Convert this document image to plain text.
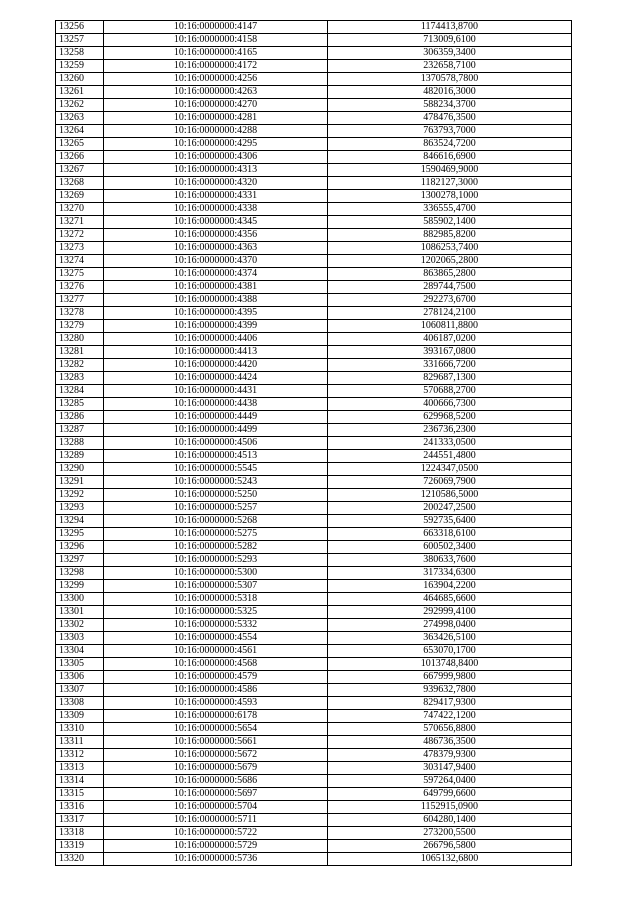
13256	10:16:0000000:4147	1174413,8700
13257	10:16:0000000:4158	713009,6100
13258	10:16:0000000:4165	306359,3400
13259	10:16:0000000:4172	232658,7100
13260	10:16:0000000:4256	1370578,7800
13261	10:16:0000000:4263	482016,3000
13262	10:16:0000000:4270	588234,3700
13263	10:16:0000000:4281	478476,3500
13264	10:16:0000000:4288	763793,7000
13265	10:16:0000000:4295	863524,7200
13266	10:16:0000000:4306	846616,6900
13267	10:16:0000000:4313	1590469,9000
13268	10:16:0000000:4320	1182127,3000
13269	10:16:0000000:4331	1300278,1000
13270	10:16:0000000:4338	336555,4700
13271	10:16:0000000:4345	585902,1400
13272	10:16:0000000:4356	882985,8200
13273	10:16:0000000:4363	1086253,7400
13274	10:16:0000000:4370	1202065,2800
13275	10:16:0000000:4374	863865,2800
13276	10:16:0000000:4381	289744,7500
13277	10:16:0000000:4388	292273,6700
13278	10:16:0000000:4395	278124,2100
13279	10:16:0000000:4399	1060811,8800
13280	10:16:0000000:4406	406187,0200
13281	10:16:0000000:4413	393167,0800
13282	10:16:0000000:4420	331666,7200
13283	10:16:0000000:4424	829687,1300
13284	10:16:0000000:4431	570688,2700
13285	10:16:0000000:4438	400666,7300
13286	10:16:0000000:4449	629968,5200
13287	10:16:0000000:4499	236736,2300
13288	10:16:0000000:4506	241333,0500
13289	10:16:0000000:4513	244551,4800
13290	10:16:0000000:5545	1224347,0500
13291	10:16:0000000:5243	726069,7900
13292	10:16:0000000:5250	1210586,5000
13293	10:16:0000000:5257	200247,2500
13294	10:16:0000000:5268	592735,6400
13295	10:16:0000000:5275	663318,6100
13296	10:16:0000000:5282	600502,3400
13297	10:16:0000000:5293	380633,7600
13298	10:16:0000000:5300	317334,6300
13299	10:16:0000000:5307	163904,2200
13300	10:16:0000000:5318	464685,6600
13301	10:16:0000000:5325	292999,4100
13302	10:16:0000000:5332	274998,0400
13303	10:16:0000000:4554	363426,5100
13304	10:16:0000000:4561	653070,1700
13305	10:16:0000000:4568	1013748,8400
13306	10:16:0000000:4579	667999,9800
13307	10:16:0000000:4586	939632,7800
13308	10:16:0000000:4593	829417,9300
13309	10:16:0000000:6178	747422,1200
13310	10:16:0000000:5654	570656,8800
13311	10:16:0000000:5661	486736,3500
13312	10:16:0000000:5672	478379,9300
13313	10:16:0000000:5679	303147,9400
13314	10:16:0000000:5686	597264,0400
13315	10:16:0000000:5697	649799,6600
13316	10:16:0000000:5704	1152915,0900
13317	10:16:0000000:5711	604280,1400
13318	10:16:0000000:5722	273200,5500
13319	10:16:0000000:5729	266796,5800
13320	10:16:0000000:5736	1065132,6800
